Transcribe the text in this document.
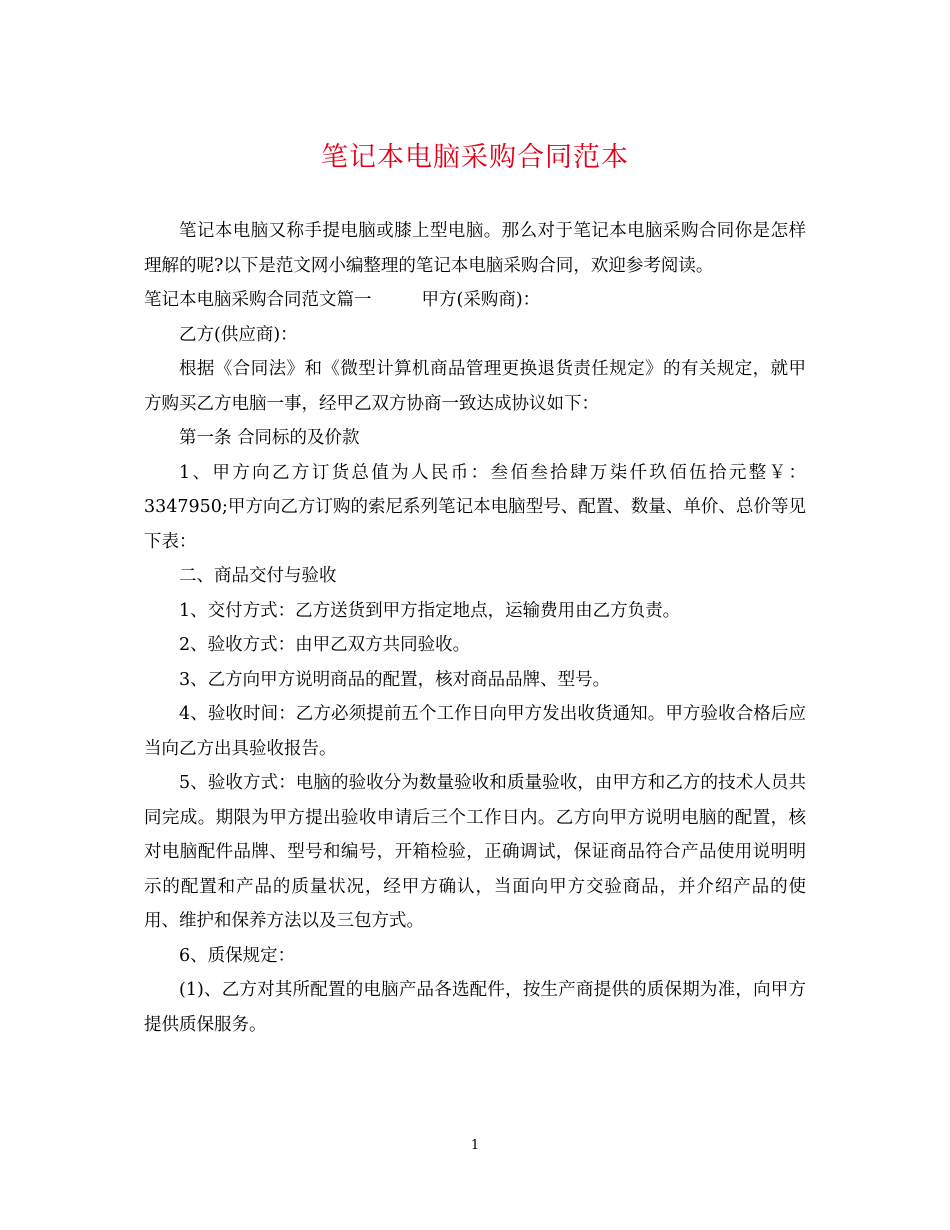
笔记本电脑采购合同范本

笔记本电脑又称手提电脑或膝上型电脑。那么对于笔记本电脑采购合同你是怎样理解的呢?以下是范文网小编整理的笔记本电脑采购合同，欢迎参考阅读。

笔记本电脑采购合同范文篇一	甲方(采购商)：

乙方(供应商)：

根据《合同法》和《微型计算机商品管理更换退货责任规定》的有关规定，就甲方购买乙方电脑一事，经甲乙双方协商一致达成协议如下：

第一条 合同标的及价款

1、甲方向乙方订货总值为人民币：叁佰叁拾肆万柒仟玖佰伍拾元整￥：3347950;甲方向乙方订购的索尼系列笔记本电脑型号、配置、数量、单价、总价等见下表：

二、商品交付与验收

1、交付方式：乙方送货到甲方指定地点，运输费用由乙方负责。

2、验收方式：由甲乙双方共同验收。

3、乙方向甲方说明商品的配置，核对商品品牌、型号。

4、验收时间：乙方必须提前五个工作日向甲方发出收货通知。甲方验收合格后应当向乙方出具验收报告。

5、验收方式：电脑的验收分为数量验收和质量验收，由甲方和乙方的技术人员共同完成。期限为甲方提出验收申请后三个工作日内。乙方向甲方说明电脑的配置，核对电脑配件品牌、型号和编号，开箱检验，正确调试，保证商品符合产品使用说明明示的配置和产品的质量状况，经甲方确认，当面向甲方交验商品，并介绍产品的使用、维护和保养方法以及三包方式。

6、质保规定：

(1)、乙方对其所配置的电脑产品各选配件，按生产商提供的质保期为准，向甲方提供质保服务。

1
